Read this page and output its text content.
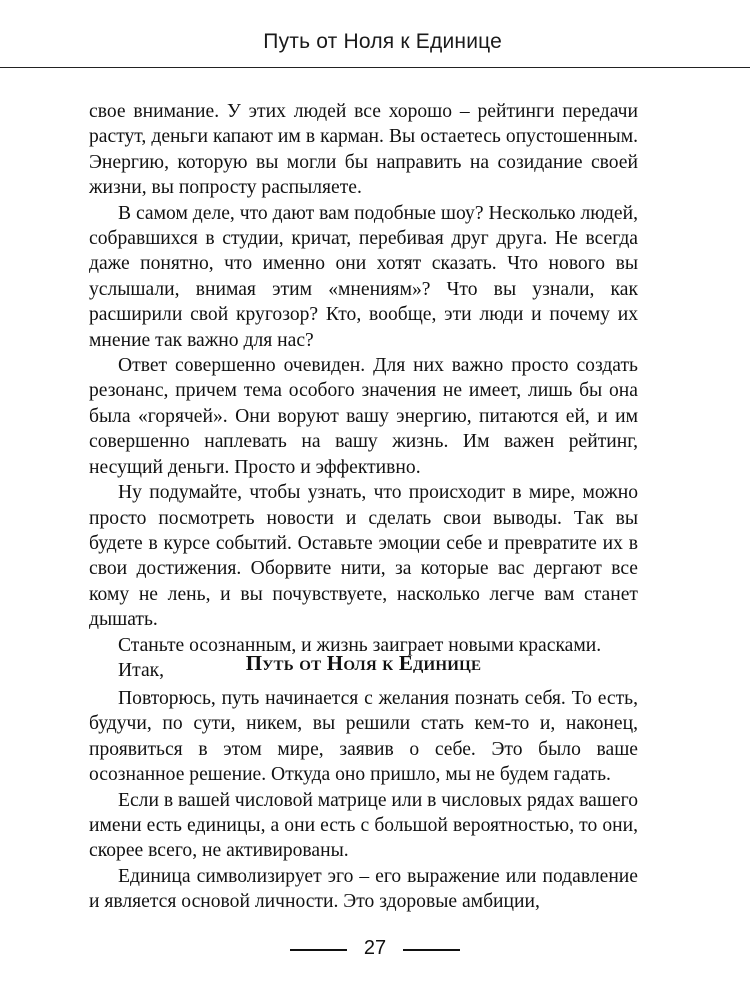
Путь от Ноля к Единице

свое внимание. У этих людей все хорошо – рейтинги передачи растут, деньги капают им в карман. Вы остаетесь опустошенным. Энергию, которую вы могли бы направить на созидание своей жизни, вы попросту распыляете.

В самом деле, что дают вам подобные шоу? Несколько людей, собравшихся в студии, кричат, перебивая друг друга. Не всегда даже понятно, что именно они хотят сказать. Что нового вы услышали, внимая этим «мнениям»? Что вы узнали, как расширили свой кругозор? Кто, вообще, эти люди и почему их мнение так важно для нас?

Ответ совершенно очевиден. Для них важно просто создать резонанс, причем тема особого значения не имеет, лишь бы она была «горячей». Они воруют вашу энергию, питаются ей, и им совершенно наплевать на вашу жизнь. Им важен рейтинг, несущий деньги. Просто и эффективно.

Ну подумайте, чтобы узнать, что происходит в мире, можно просто посмотреть новости и сделать свои выводы. Так вы будете в курсе событий. Оставьте эмоции себе и превратите их в свои достижения. Оборвите нити, за которые вас дергают все кому не лень, и вы почувствуете, насколько легче вам станет дышать.

Станьте осознанным, и жизнь заиграет новыми красками.

Итак,	Путь от Ноля к Единице

Повторюсь, путь начинается с желания познать себя. То есть, будучи, по сути, никем, вы решили стать кем-то и, наконец, проявиться в этом мире, заявив о себе. Это было ваше осознанное решение. Откуда оно пришло, мы не будем гадать.

Если в вашей числовой матрице или в числовых рядах вашего имени есть единицы, а они есть с большой вероятностью, то они, скорее всего, не активированы.

Единица символизирует эго – его выражение или подавление и является основой личности. Это здоровые амбиции,

27
